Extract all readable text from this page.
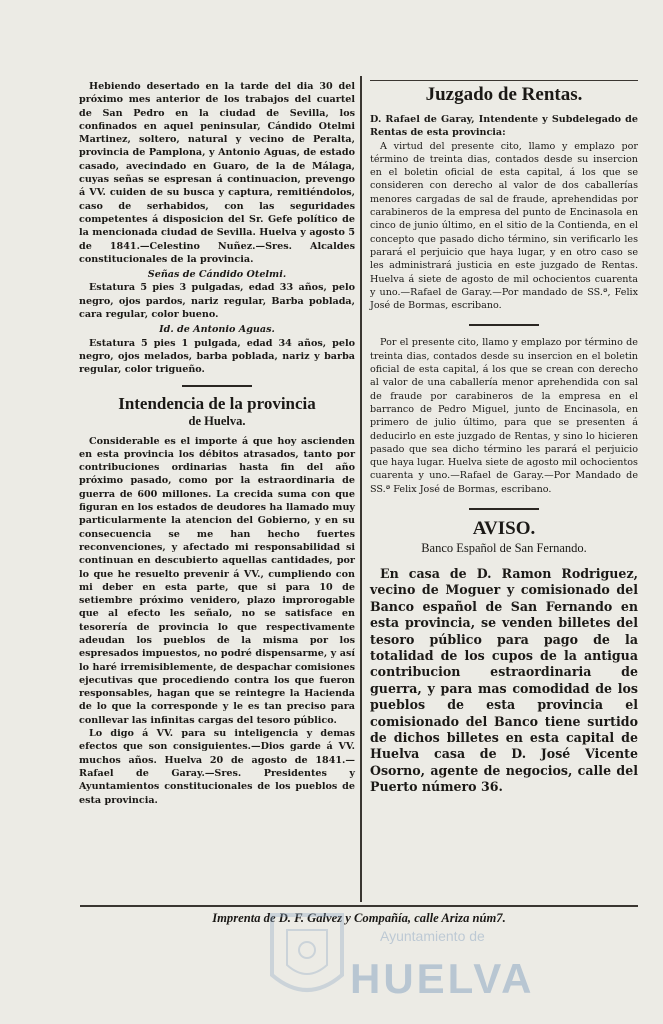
Hebiendo desertado en la tarde del dia 30 del próximo mes anterior de los trabajos del cuartel de San Pedro en la ciudad de Sevilla, los confinados en aquel peninsular, Cándido Otelmi Martinez, soltero, natural y vecino de Peralta, provincia de Pamplona, y Antonio Aguas, de estado casado, avecindado en Guaro, de la de Málaga, cuyas señas se espresan á continuacion, prevengo á VV. cuiden de su busca y captura, remitiéndolos, caso de serhabidos, con las seguridades competentes á disposicion del Sr. Gefe político de la mencionada ciudad de Sevilla. Huelva y agosto 5 de 1841.—Celestino Nuñez.—Sres. Alcaldes constitucionales de la provincia.

Señas de Cándido Otelmi.

Estatura 5 pies 3 pulgadas, edad 33 años, pelo negro, ojos pardos, nariz regular, Barba poblada, cara regular, color bueno.

Id. de Antonio Aguas.

Estatura 5 pies 1 pulgada, edad 34 años, pelo negro, ojos melados, barba poblada, nariz y barba regular, color trigueño.

Intendencia de la provincia

de Huelva.

Considerable es el importe á que hoy ascienden en esta provincia los débitos atrasados, tanto por contribuciones ordinarias hasta fin del año próximo pasado, como por la estraordinaria de guerra de 600 millones. La crecida suma con que figuran en los estados de deudores ha llamado muy particularmente la atencion del Gobierno, y en su consecuencia se me han hecho fuertes reconvenciones, y afectado mi responsabilidad si continuan en descubierto aquellas cantidades, por lo que he resuelto prevenir á VV., cumpliendo con mi deber en esta parte, que si para 10 de setiembre próximo venidero, plazo improrogable que al efecto les señalo, no se satisface en tesorería de provincia lo que respectivamente adeudan los pueblos de la misma por los espresados impuestos, no podré dispensarme, y así lo haré irremisiblemente, de despachar comisiones ejecutivas que procediendo contra los que fueron responsables, hagan que se reintegre la Hacienda de lo que la corresponde y le es tan preciso para conllevar las infinitas cargas del tesoro público.

Lo digo á VV. para su inteligencia y demas efectos que son consiguientes.—Dios garde á VV. muchos años. Huelva 20 de agosto de 1841.—Rafael de Garay.—Sres. Presidentes y Ayuntamientos constitucionales de los pueblos de esta provincia.

Juzgado de Rentas.

D. Rafael de Garay, Intendente y Subdelegado de Rentas de esta provincia:

A virtud del presente cito, llamo y emplazo por término de treinta dias, contados desde su insercion en el boletin oficial de esta capital, á los que se consideren con derecho al valor de dos caballerías menores cargadas de sal de fraude, aprehendidas por carabineros de la empresa del punto de Encinasola en cinco de junio último, en el sitio de la Contienda, en el concepto que pasado dicho término, sin verificarlo les parará el perjuicio que haya lugar, y en otro caso se les administrará justicia en este juzgado de Rentas. Huelva á siete de agosto de mil ochocientos cuarenta y uno.—Rafael de Garay.—Por mandado de SS.ª, Felix José de Bormas, escribano.

Por el presente cito, llamo y emplazo por término de treinta dias, contados desde su insercion en el boletin oficial de esta capital, á los que se crean con derecho al valor de una caballería menor aprehendida con sal de fraude por carabineros de la empresa en el barranco de Pedro Miguel, junto de Encinasola, en primero de julio último, para que se presenten á deducirlo en este juzgado de Rentas, y sino lo hicieren pasado que sea dicho término les parará el perjuicio que haya lugar. Huelva siete de agosto mil ochocientos cuarenta y uno.—Rafael de Garay.—Por Mandado de SS.ª Felix José de Bormas, escribano.

AVISO.

Banco Español de San Fernando.

En casa de D. Ramon Rodriguez, vecino de Moguer y comisionado del Banco español de San Fernando en esta provincia, se venden billetes del tesoro público para pago de la totalidad de los cupos de la antigua contribucion estraordinaria de guerra, y para mas comodidad de los pueblos de esta provincia el comisionado del Banco tiene surtido de dichos billetes en esta capital de Huelva casa de D. José Vicente Osorno, agente de negocios, calle del Puerto número 36.

Imprenta de D. F. Galvez y Compañía, calle Ariza núm7.
Ayuntamiento de
HUELVA
